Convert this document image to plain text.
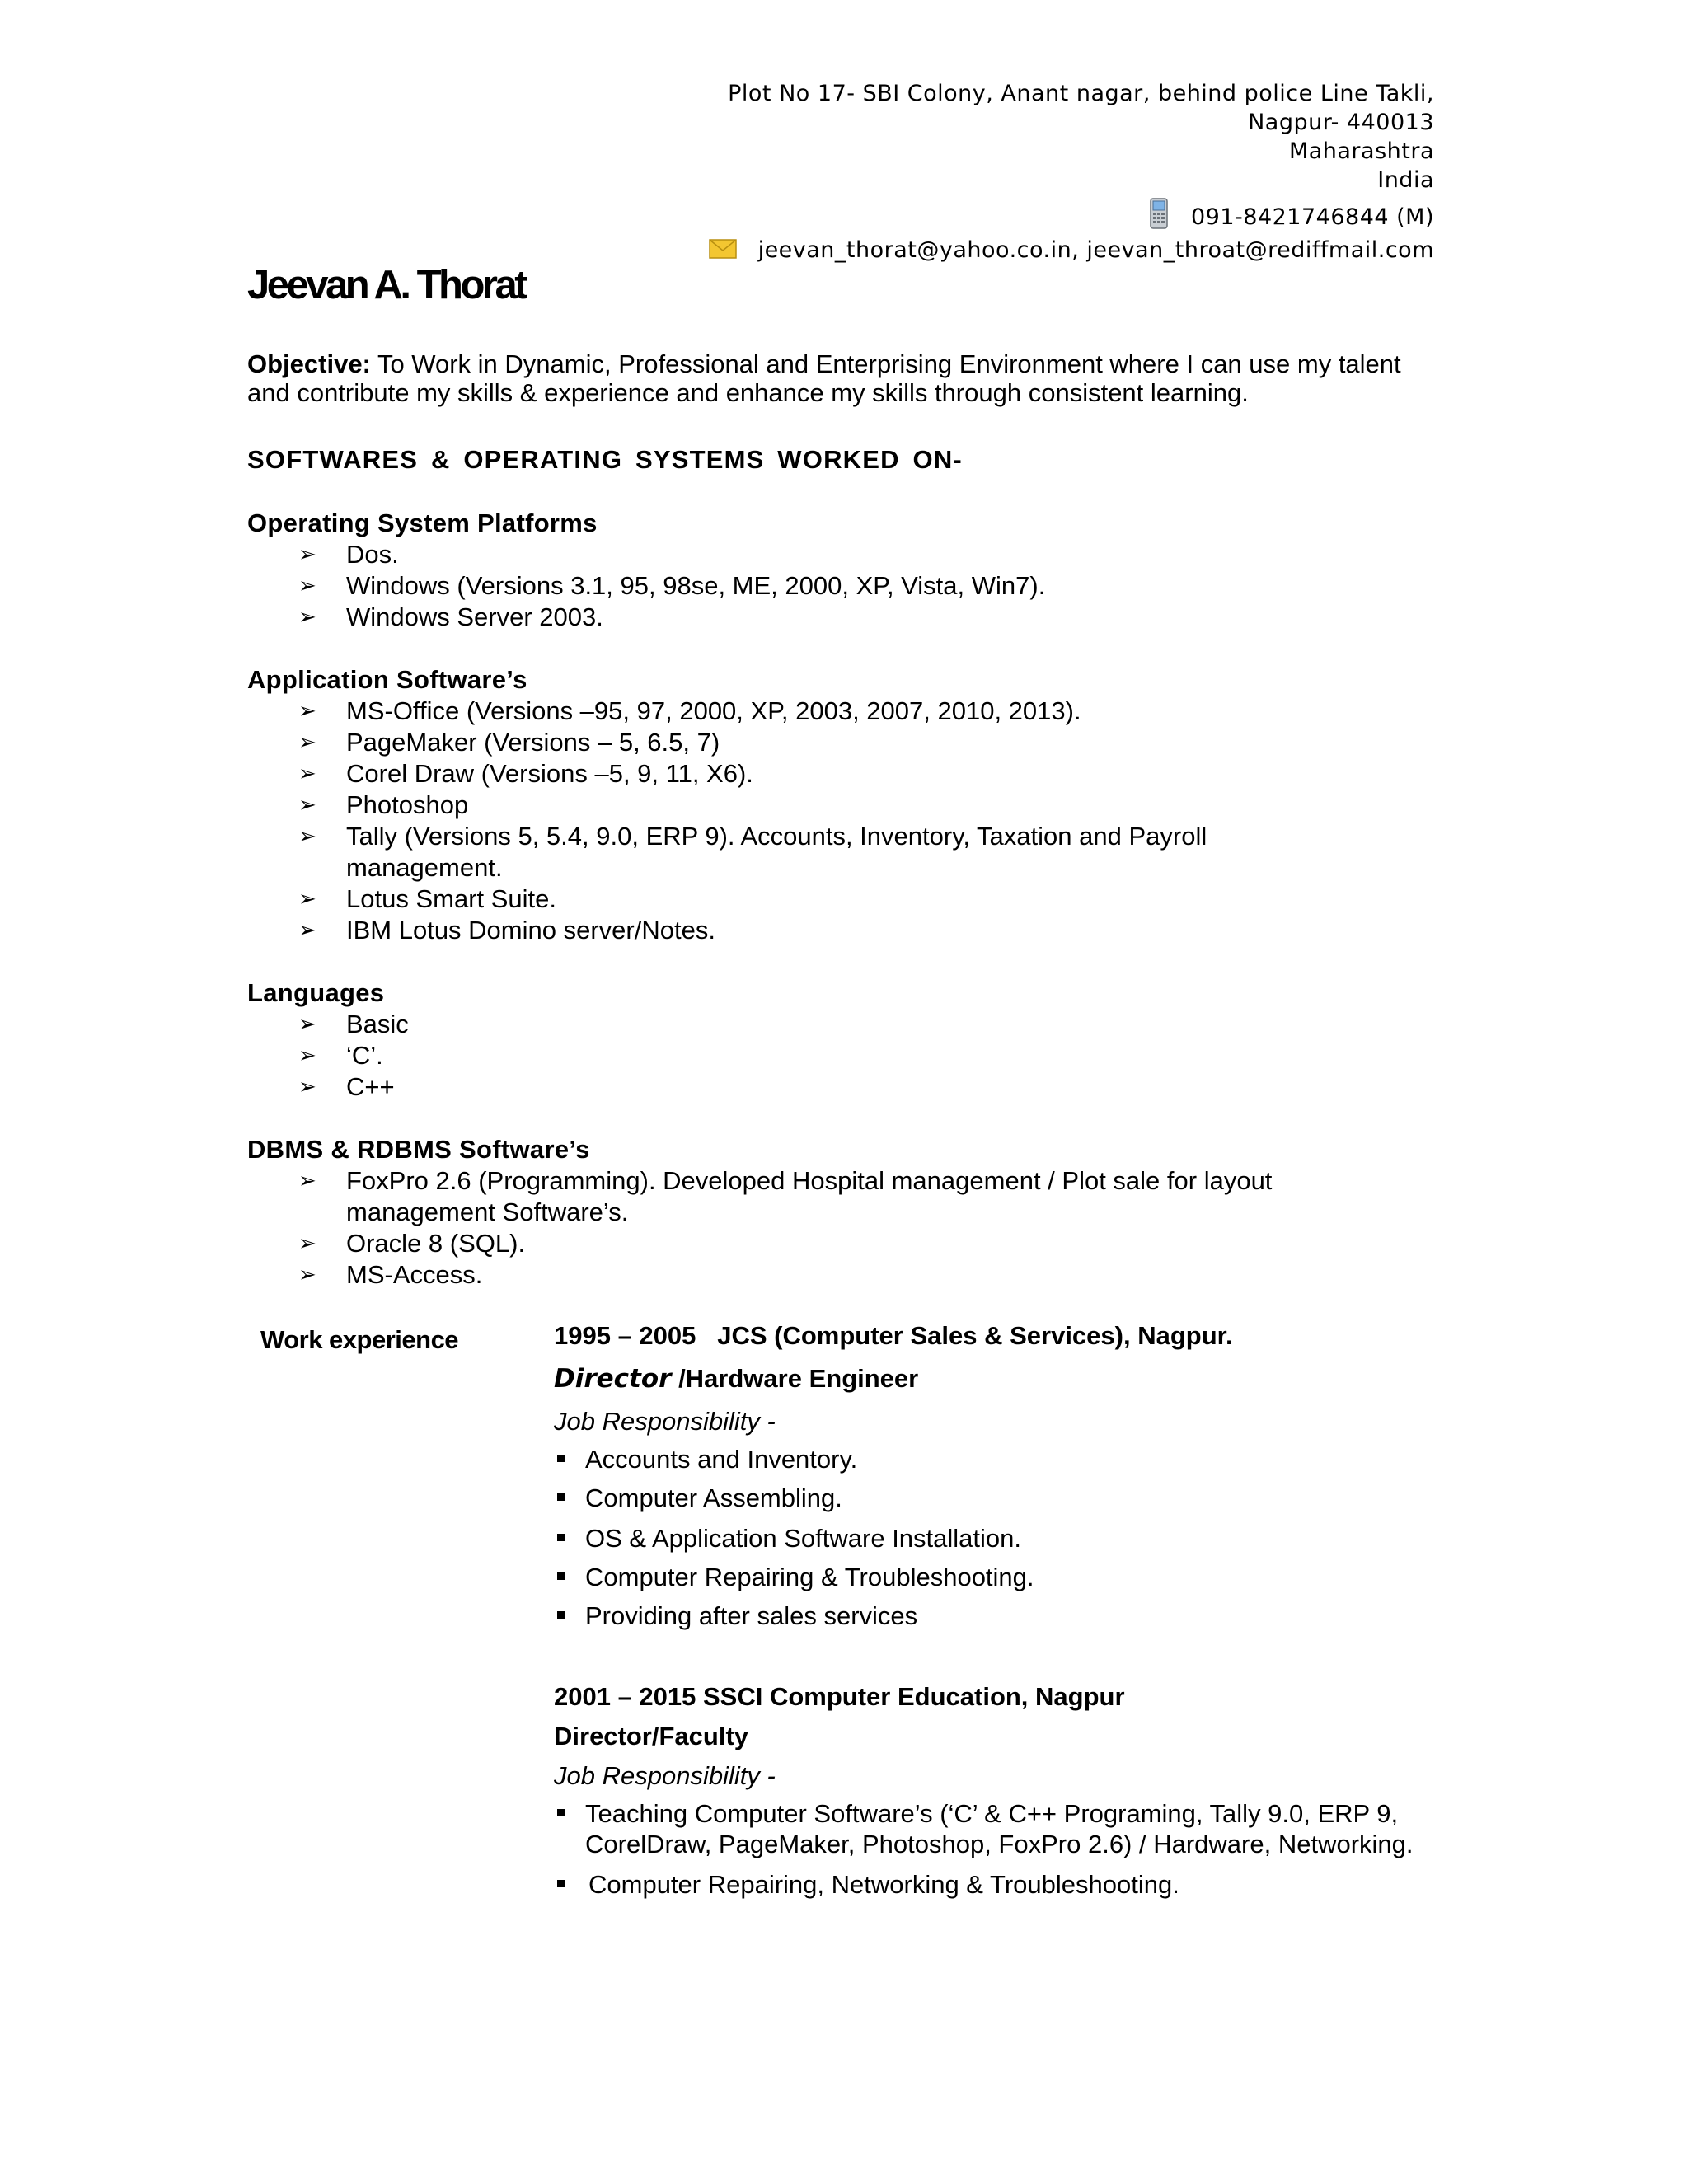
Plot No 17- SBI Colony, Anant nagar, behind police Line Takli,
Nagpur- 440013
Maharashtra
India
091-8421746844 (M)
jeevan_thorat@yahoo.co.in, jeevan_throat@rediffmail.com
Jeevan A. Thorat
Objective: To Work in Dynamic, Professional and Enterprising Environment where I can use my talent and contribute my skills & experience and enhance my skills through consistent learning.
SOFTWARES & OPERATING SYSTEMS WORKED ON-
Operating System Platforms
➢ Dos.
➢ Windows (Versions 3.1, 95, 98se, ME, 2000, XP, Vista, Win7).
➢ Windows Server 2003.
Application Software’s
➢ MS-Office (Versions –95, 97, 2000, XP, 2003, 2007, 2010, 2013).
➢ PageMaker (Versions – 5, 6.5, 7)
➢ Corel Draw (Versions –5, 9, 11, X6).
➢ Photoshop
➢ Tally (Versions 5, 5.4, 9.0, ERP 9). Accounts, Inventory, Taxation and Payroll management.
➢ Lotus Smart Suite.
➢ IBM Lotus Domino server/Notes.
Languages
➢ Basic
➢ ‘C’.
➢ C++
DBMS & RDBMS Software’s
➢ FoxPro 2.6 (Programming). Developed Hospital management / Plot sale for layout management Software’s.
➢ Oracle 8 (SQL).
➢ MS-Access.
Work experience	1995 – 2005   JCS (Computer Sales & Services), Nagpur.
Director /Hardware Engineer
Job Responsibility -
Accounts and Inventory.
Computer Assembling.
OS & Application Software Installation.
Computer Repairing & Troubleshooting.
Providing after sales services
2001 – 2015 SSCI Computer Education, Nagpur
Director/Faculty
Job Responsibility -
Teaching Computer Software’s (‘C’ & C++ Programing, Tally 9.0, ERP 9, CorelDraw, PageMaker, Photoshop, FoxPro 2.6) / Hardware, Networking.
Computer Repairing, Networking & Troubleshooting.
